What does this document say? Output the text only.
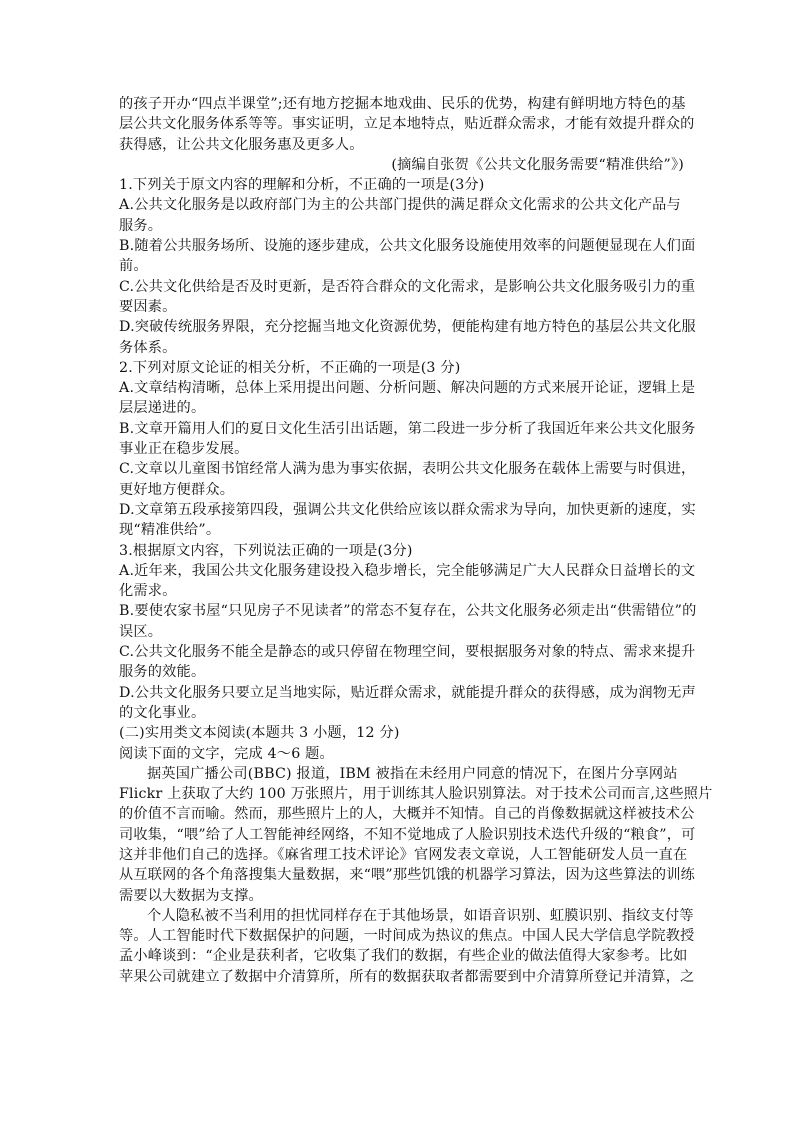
的孩子开办“四点半课堂”;还有地方挖掘本地戏曲、民乐的优势，构建有鲜明地方特色的基
层公共文化服务体系等等。事实证明，立足本地特点，贴近群众需求，才能有效提升群众的
获得感，让公共文化服务惠及更多人。
(摘编自张贺《公共文化服务需要“精准供给”》)
1.下列关于原文内容的理解和分析，不正确的一项是(3分)
A.公共文化服务是以政府部门为主的公共部门提供的满足群众文化需求的公共文化产品与
服务。
B.随着公共服务场所、设施的逐步建成，公共文化服务设施使用效率的问题便显现在人们面
前。
C.公共文化供给是否及时更新，是否符合群众的文化需求，是影响公共文化服务吸引力的重
要因素。
D.突破传统服务界限，充分挖掘当地文化资源优势，便能构建有地方特色的基层公共文化服
务体系。
2.下列对原文论证的相关分析，不正确的一项是(3 分)
A.文章结构清晰，总体上采用提出问题、分析问题、解决问题的方式来展开论证，逻辑上是
层层递进的。
B.文章开篇用人们的夏日文化生活引出话题，第二段进一步分析了我国近年来公共文化服务
事业正在稳步发展。
C.文章以儿童图书馆经常人满为患为事实依据，表明公共文化服务在载体上需要与时俱进，
更好地方便群众。
D.文章第五段承接第四段，强调公共文化供给应该以群众需求为导向，加快更新的速度，实
现“精准供给”。
3.根据原文内容，下列说法正确的一项是(3分)
A.近年来，我国公共文化服务建设投入稳步增长，完全能够满足广大人民群众日益增长的文
化需求。
B.要使农家书屋“只见房子不见读者”的常态不复存在，公共文化服务必须走出“供需错位”的
误区。
C.公共文化服务不能全是静态的或只停留在物理空间，要根据服务对象的特点、需求来提升
服务的效能。
D.公共文化服务只要立足当地实际，贴近群众需求，就能提升群众的获得感，成为润物无声
的文化事业。
(二)实用类文本阅读(本题共 3 小题，12 分)
阅读下面的文字，完成 4～6 题。
据英国广播公司(BBC) 报道，IBM 被指在未经用户同意的情况下，在图片分享网站
Flickr 上获取了大约 100 万张照片，用于训练其人脸识别算法。对于技术公司而言,这些照片
的价值不言而喻。然而，那些照片上的人，大概并不知情。自己的肖像数据就这样被技术公
司收集，“喂”给了人工智能神经网络，不知不觉地成了人脸识别技术迭代升级的“粮食”，可
这并非他们自己的选择。《麻省理工技术评论》官网发表文章说，人工智能研发人员一直在
从互联网的各个角落搜集大量数据，来“喂”那些饥饿的机器学习算法，因为这些算法的训练
需要以大数据为支撑。
个人隐私被不当利用的担忧同样存在于其他场景，如语音识别、虹膜识别、指纹支付等
等。人工智能时代下数据保护的问题，一时间成为热议的焦点。中国人民大学信息学院教授
孟小峰谈到：“企业是获利者，它收集了我们的数据，有些企业的做法值得大家参考。比如
苹果公司就建立了数据中介清算所，所有的数据获取者都需要到中介清算所登记并清算，之
